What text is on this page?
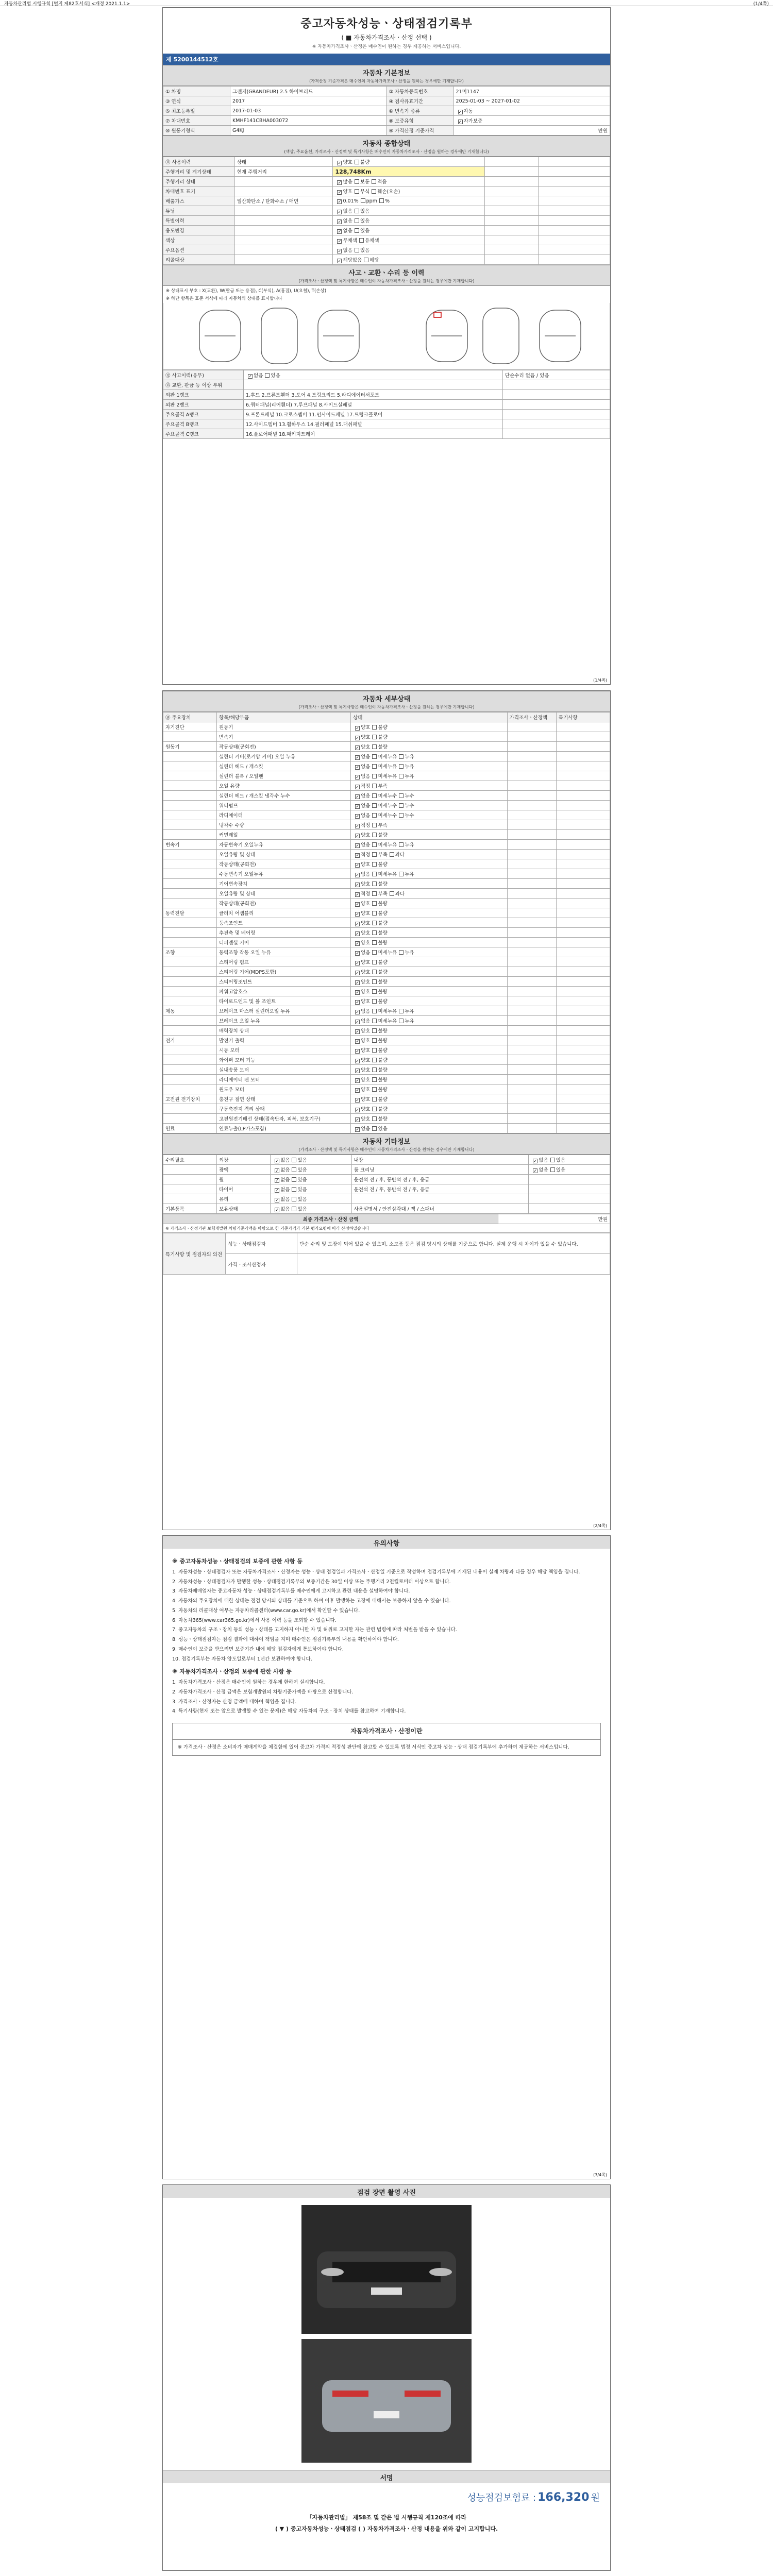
자동차관리법 시행규칙 [별지 제82호서식] <개정 2021.1.1>	(1/4쪽)
중고자동차성능ㆍ상태점검기록부
( ■ 자동차가격조사ㆍ산정 선택 )
※ 자동차가격조사ㆍ산정은 매수인이 원하는 경우 제공하는 서비스입니다.
제 5200144512호
자동차 기본정보
(가격산정 기준가격은 매수인의 자동차가격조사ㆍ산정을 원하는 경우에만 기재합니다)
① 차명	그랜저(GRANDEUR) 2.5 하이브리드	② 자동차등록번호	21머1147
③ 연식	2017	④ 검사유효기간	2025-01-03 ~ 2027-01-02
⑤ 최초등록일	2017-01-03	⑥ 변속기 종류	✓자동
⑦ 차대번호	KMHF141CBHA003072	⑧ 보증유형	✓자가보증
⑩ 원동기형식	G4KJ	⑨ 가격산정 기준가격	만원
자동차 종합상태
(색상, 주요옵션, 가격조사ㆍ산정액 및 특기사항은 매수인이 자동차가격조사ㆍ산정을 원하는 경우에만 기재합니다)
⑪ 사용이력	상태	✓양호 불량		
주행거리 및 계기상태	현재 주행거리	128,748Km		
주행거리 상태		✓많음 보통 적음		
차대번호 표기		✓양호 부식 훼손(오손)		
배출가스	일산화탄소 / 탄화수소 / 매연	✓0.01% ppm %		
튜닝		✓없음 있음		
특별이력		✓없음 있음		
용도변경		✓없음 있음		
색상		✓무채색 유채색		
주요옵션		✓없음 있음		
리콜대상		✓해당없음 해당		
사고ㆍ교환ㆍ수리 등 이력
(가격조사ㆍ산정액 및 특기사항은 매수인이 자동차가격조사ㆍ산정을 원하는 경우에만 기재합니다)
※ 상태표시 부호 : X(교환), W(판금 또는 용접), C(부식), A(흠집), U(요철), T(손상)
※ 하단 항목은 표준 서식에 따라 자동차의 상태를 표시합니다
⑫ 사고이력(유무)	✓없음 있음	단순수리 없음 / 있음
⑬ 교환, 판금 등 이상 부위		
외판 1랭크	1.후드 2.프론트휀더 3.도어 4.트렁크리드 5.라디에이터서포트	
외판 2랭크	6.쿼터패널(리어휀더) 7.루프패널 8.사이드실패널	
주요골격 A랭크	9.프론트패널 10.크로스멤버 11.인사이드패널 17.트렁크플로어	
주요골격 B랭크	12.사이드멤버 13.휠하우스 14.필러패널 15.대쉬패널	
주요골격 C랭크	16.플로어패널 18.패키지트레이	
(1/4쪽)
자동차 세부상태
(가격조사ㆍ산정액 및 특기사항은 매수인이 자동차가격조사ㆍ산정을 원하는 경우에만 기재합니다)
⑭ 주요장치	항목/해당부품	상태	가격조사ㆍ산정액	특기사항
자기진단	원동기	✓양호 불량		
	변속기	✓양호 불량		
원동기	작동상태(공회전)	✓양호 불량		
	실린더 커버(로커암 커버) 오일 누유	✓없음 미세누유 누유		
	실린더 헤드 / 개스킷	✓없음 미세누유 누유		
	실린더 블록 / 오일팬	✓없음 미세누유 누유		
	오일 유량	✓적정 부족		
	실린더 헤드 / 개스킷 냉각수 누수	✓없음 미세누수 누수		
	워터펌프	✓없음 미세누수 누수		
	라디에이터	✓없음 미세누수 누수		
	냉각수 수량	✓적정 부족		
	커먼레일	✓양호 불량		
변속기	자동변속기 오일누유	✓없음 미세누유 누유		
	오일유량 및 상태	✓적정 부족 과다		
	작동상태(공회전)	✓양호 불량		
	수동변속기 오일누유	✓없음 미세누유 누유		
	기어변속장치	✓양호 불량		
	오일유량 및 상태	✓적정 부족 과다		
	작동상태(공회전)	✓양호 불량		
동력전달	클러치 어셈블리	✓양호 불량		
	등속조인트	✓양호 불량		
	추진축 및 베어링	✓양호 불량		
	디퍼렌셜 기어	✓양호 불량		
조향	동력조향 작동 오일 누유	✓없음 미세누유 누유		
	스티어링 펌프	✓양호 불량		
	스티어링 기어(MDPS포함)	✓양호 불량		
	스티어링조인트	✓양호 불량		
	파워고압호스	✓양호 불량		
	타이로드엔드 및 볼 조인트	✓양호 불량		
제동	브레이크 마스터 실린더오일 누유	✓없음 미세누유 누유		
	브레이크 오일 누유	✓없음 미세누유 누유		
	배력장치 상태	✓양호 불량		
전기	발전기 출력	✓양호 불량		
	시동 모터	✓양호 불량		
	와이퍼 모터 기능	✓양호 불량		
	실내송풍 모터	✓양호 불량		
	라디에이터 팬 모터	✓양호 불량		
	윈도우 모터	✓양호 불량		
고전원 전기장치	충전구 절연 상태	✓양호 불량		
	구동축전지 격리 상태	✓양호 불량		
	고전원전기배선 상태(접속단자, 피복, 보호기구)	✓양호 불량		
연료	연료누출(LP가스포함)	✓없음 있음		
자동차 기타정보
(가격조사ㆍ산정액 및 특기사항은 매수인이 자동차가격조사ㆍ산정을 원하는 경우에만 기재합니다)
수리필요	외장	✓없음 있음	내장	✓없음 있음
	광택	✓없음 있음	룸 크리닝	✓없음 있음
	휠	✓없음 있음	운전석 전 / 후, 동반석 전 / 후, 응급	
	타이어	✓없음 있음	운전석 전 / 후, 동반석 전 / 후, 응급	
	유리	✓없음 있음		
기본품목	보유상태	✓없음 있음	사용설명서 / 안전삼각대 / 잭 / 스패너	
최종 가격조사ㆍ산정 금액	만원
※ 가격조사ㆍ산정기관 보험개발원 차량기준가액을 바탕으로 한 기준가격과 기본 평가요령에 따라 산정하였습니다
특기사항 및 점검자의 의견	성능ㆍ상태점검자	단순 수리 및 도장이 되어 있을 수 있으며, 소모품 등은 점검 당시의 상태를 기준으로 합니다. 실제 운행 시 차이가 있을 수 있습니다.
	가격ㆍ조사산정자	
(2/4쪽)
유의사항
※ 중고자동차성능ㆍ상태점검의 보증에 관한 사항 등

1. 자동차성능ㆍ상태점검자 또는 자동차가격조사ㆍ산정자는 성능ㆍ상태 점검일과 가격조사ㆍ산정일 기준으로 작성하며 점검기록부에 기재된 내용이 실제 차량과 다를 경우 해당 책임을 집니다.

2. 자동차성능ㆍ상태점검자가 발행한 성능ㆍ상태점검기록부의 보증기간은 30일 이상 또는 주행거리 2천킬로미터 이상으로 합니다.

3. 자동차매매업자는 중고자동차 성능ㆍ상태점검기록부를 매수인에게 고지하고 관련 내용을 설명하여야 합니다.

4. 자동차의 주요장치에 대한 상태는 점검 당시의 상태를 기준으로 하며 이후 발생하는 고장에 대해서는 보증하지 않을 수 있습니다.

5. 자동차의 리콜대상 여부는 자동차리콜센터(www.car.go.kr)에서 확인할 수 있습니다.

6. 자동차365(www.car365.go.kr)에서 사용 이력 등을 조회할 수 있습니다.

7. 중고자동차의 구조ㆍ장치 등의 성능ㆍ상태를 고지하지 아니한 자 및 허위로 고지한 자는 관련 법령에 따라 처벌을 받을 수 있습니다.

8. 성능ㆍ상태점검자는 점검 결과에 대하여 책임을 지며 매수인은 점검기록부의 내용을 확인하여야 합니다.

9. 매수인이 보증을 받으려면 보증기간 내에 해당 점검자에게 통보하여야 합니다.

10. 점검기록부는 자동차 양도일로부터 1년간 보관하여야 합니다.

※ 자동차가격조사ㆍ산정의 보증에 관한 사항 등

1. 자동차가격조사ㆍ산정은 매수인이 원하는 경우에 한하여 실시합니다.

2. 자동차가격조사ㆍ산정 금액은 보험개발원의 차량기준가액을 바탕으로 산정합니다.

3. 가격조사ㆍ산정자는 산정 금액에 대하여 책임을 집니다.

4. 특기사항(현재 또는 앞으로 발생할 수 있는 문제)은 해당 자동차의 구조ㆍ장치 상태를 참고하여 기재합니다.

자동차가격조사ㆍ산정이란
※ 가격조사ㆍ산정은 소비자가 매매계약을 체결함에 있어 중고차 가격의 적정성 판단에 참고할 수 있도록 법정 서식인 중고차 성능ㆍ상태 점검기록부에 추가하여 제공하는 서비스입니다.
(3/4쪽)
점검 장면 촬영 사진
서명
성능점검보험료 : 166,320 원
「자동차관리법」 제58조 및 같은 법 시행규칙 제120조에 따라
( ▼ ) 중고자동차성능ㆍ상태점검 ( ) 자동차가격조사ㆍ산정 내용을 위와 같이 고지합니다.
